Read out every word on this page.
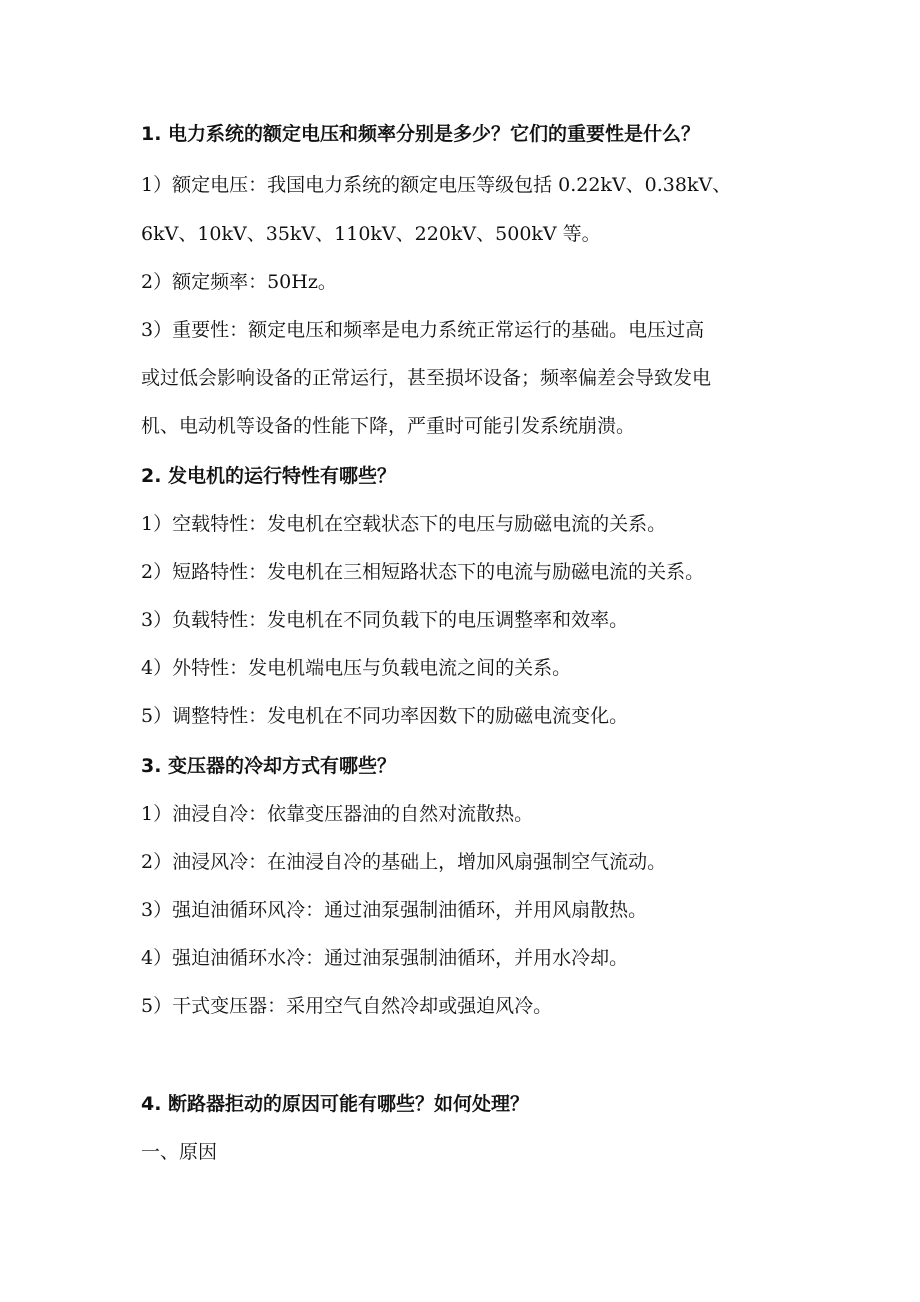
1. 电力系统的额定电压和频率分别是多少？它们的重要性是什么？
1）额定电压：我国电力系统的额定电压等级包括 0.22kV、0.38kV、
6kV、10kV、35kV、110kV、220kV、500kV 等。
2）额定频率：50Hz。
3）重要性：额定电压和频率是电力系统正常运行的基础。电压过高
或过低会影响设备的正常运行，甚至损坏设备；频率偏差会导致发电
机、电动机等设备的性能下降，严重时可能引发系统崩溃。
2. 发电机的运行特性有哪些？
1）空载特性：发电机在空载状态下的电压与励磁电流的关系。
2）短路特性：发电机在三相短路状态下的电流与励磁电流的关系。
3）负载特性：发电机在不同负载下的电压调整率和效率。
4）外特性：发电机端电压与负载电流之间的关系。
5）调整特性：发电机在不同功率因数下的励磁电流变化。
3. 变压器的冷却方式有哪些？
1）油浸自冷：依靠变压器油的自然对流散热。
2）油浸风冷：在油浸自冷的基础上，增加风扇强制空气流动。
3）强迫油循环风冷：通过油泵强制油循环，并用风扇散热。
4）强迫油循环水冷：通过油泵强制油循环，并用水冷却。
5）干式变压器：采用空气自然冷却或强迫风冷。
4. 断路器拒动的原因可能有哪些？如何处理？
一、原因
